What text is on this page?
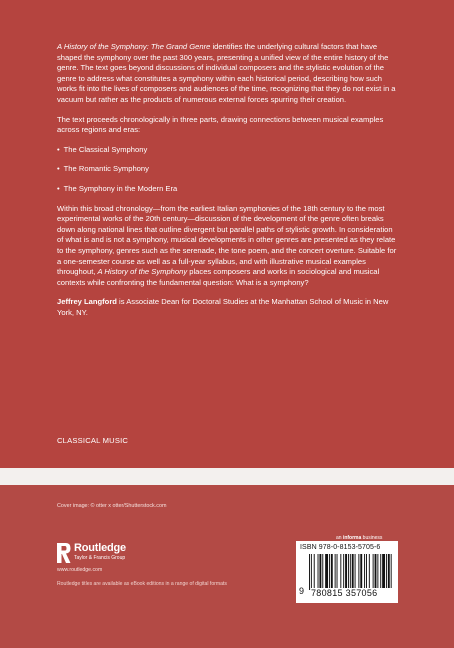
A History of the Symphony: The Grand Genre identifies the underlying cultural factors that have shaped the symphony over the past 300 years, presenting a unified view of the entire history of the genre. The text goes beyond discussions of individual composers and the stylistic evolution of the genre to address what constitutes a symphony within each historical period, describing how such works fit into the lives of composers and audiences of the time, recognizing that they do not exist in a vacuum but rather as the products of numerous external forces spurring their creation.

The text proceeds chronologically in three parts, drawing connections between musical examples across regions and eras:

• The Classical Symphony
• The Romantic Symphony
• The Symphony in the Modern Era

Within this broad chronology—from the earliest Italian symphonies of the 18th century to the most experimental works of the 20th century—discussion of the development of the genre often breaks down along national lines that outline divergent but parallel paths of stylistic growth. In consideration of what is and is not a symphony, musical developments in other genres are presented as they relate to the symphony, genres such as the serenade, the tone poem, and the concert overture. Suitable for a one-semester course as well as a full-year syllabus, and with illustrative musical examples throughout, A History of the Symphony places composers and works in sociological and musical contexts while confronting the fundamental question: What is a symphony?

Jeffrey Langford is Associate Dean for Doctoral Studies at the Manhattan School of Music in New York, NY.

CLASSICAL MUSIC
Cover image: © otter x otter/Shutterstock.com
Routledge
Taylor & Francis Group
www.routledge.com
Routledge titles are available as eBook editions in a range of digital formats
an informa business
ISBN 978-0-8153-5705-6
9 780815 357056
